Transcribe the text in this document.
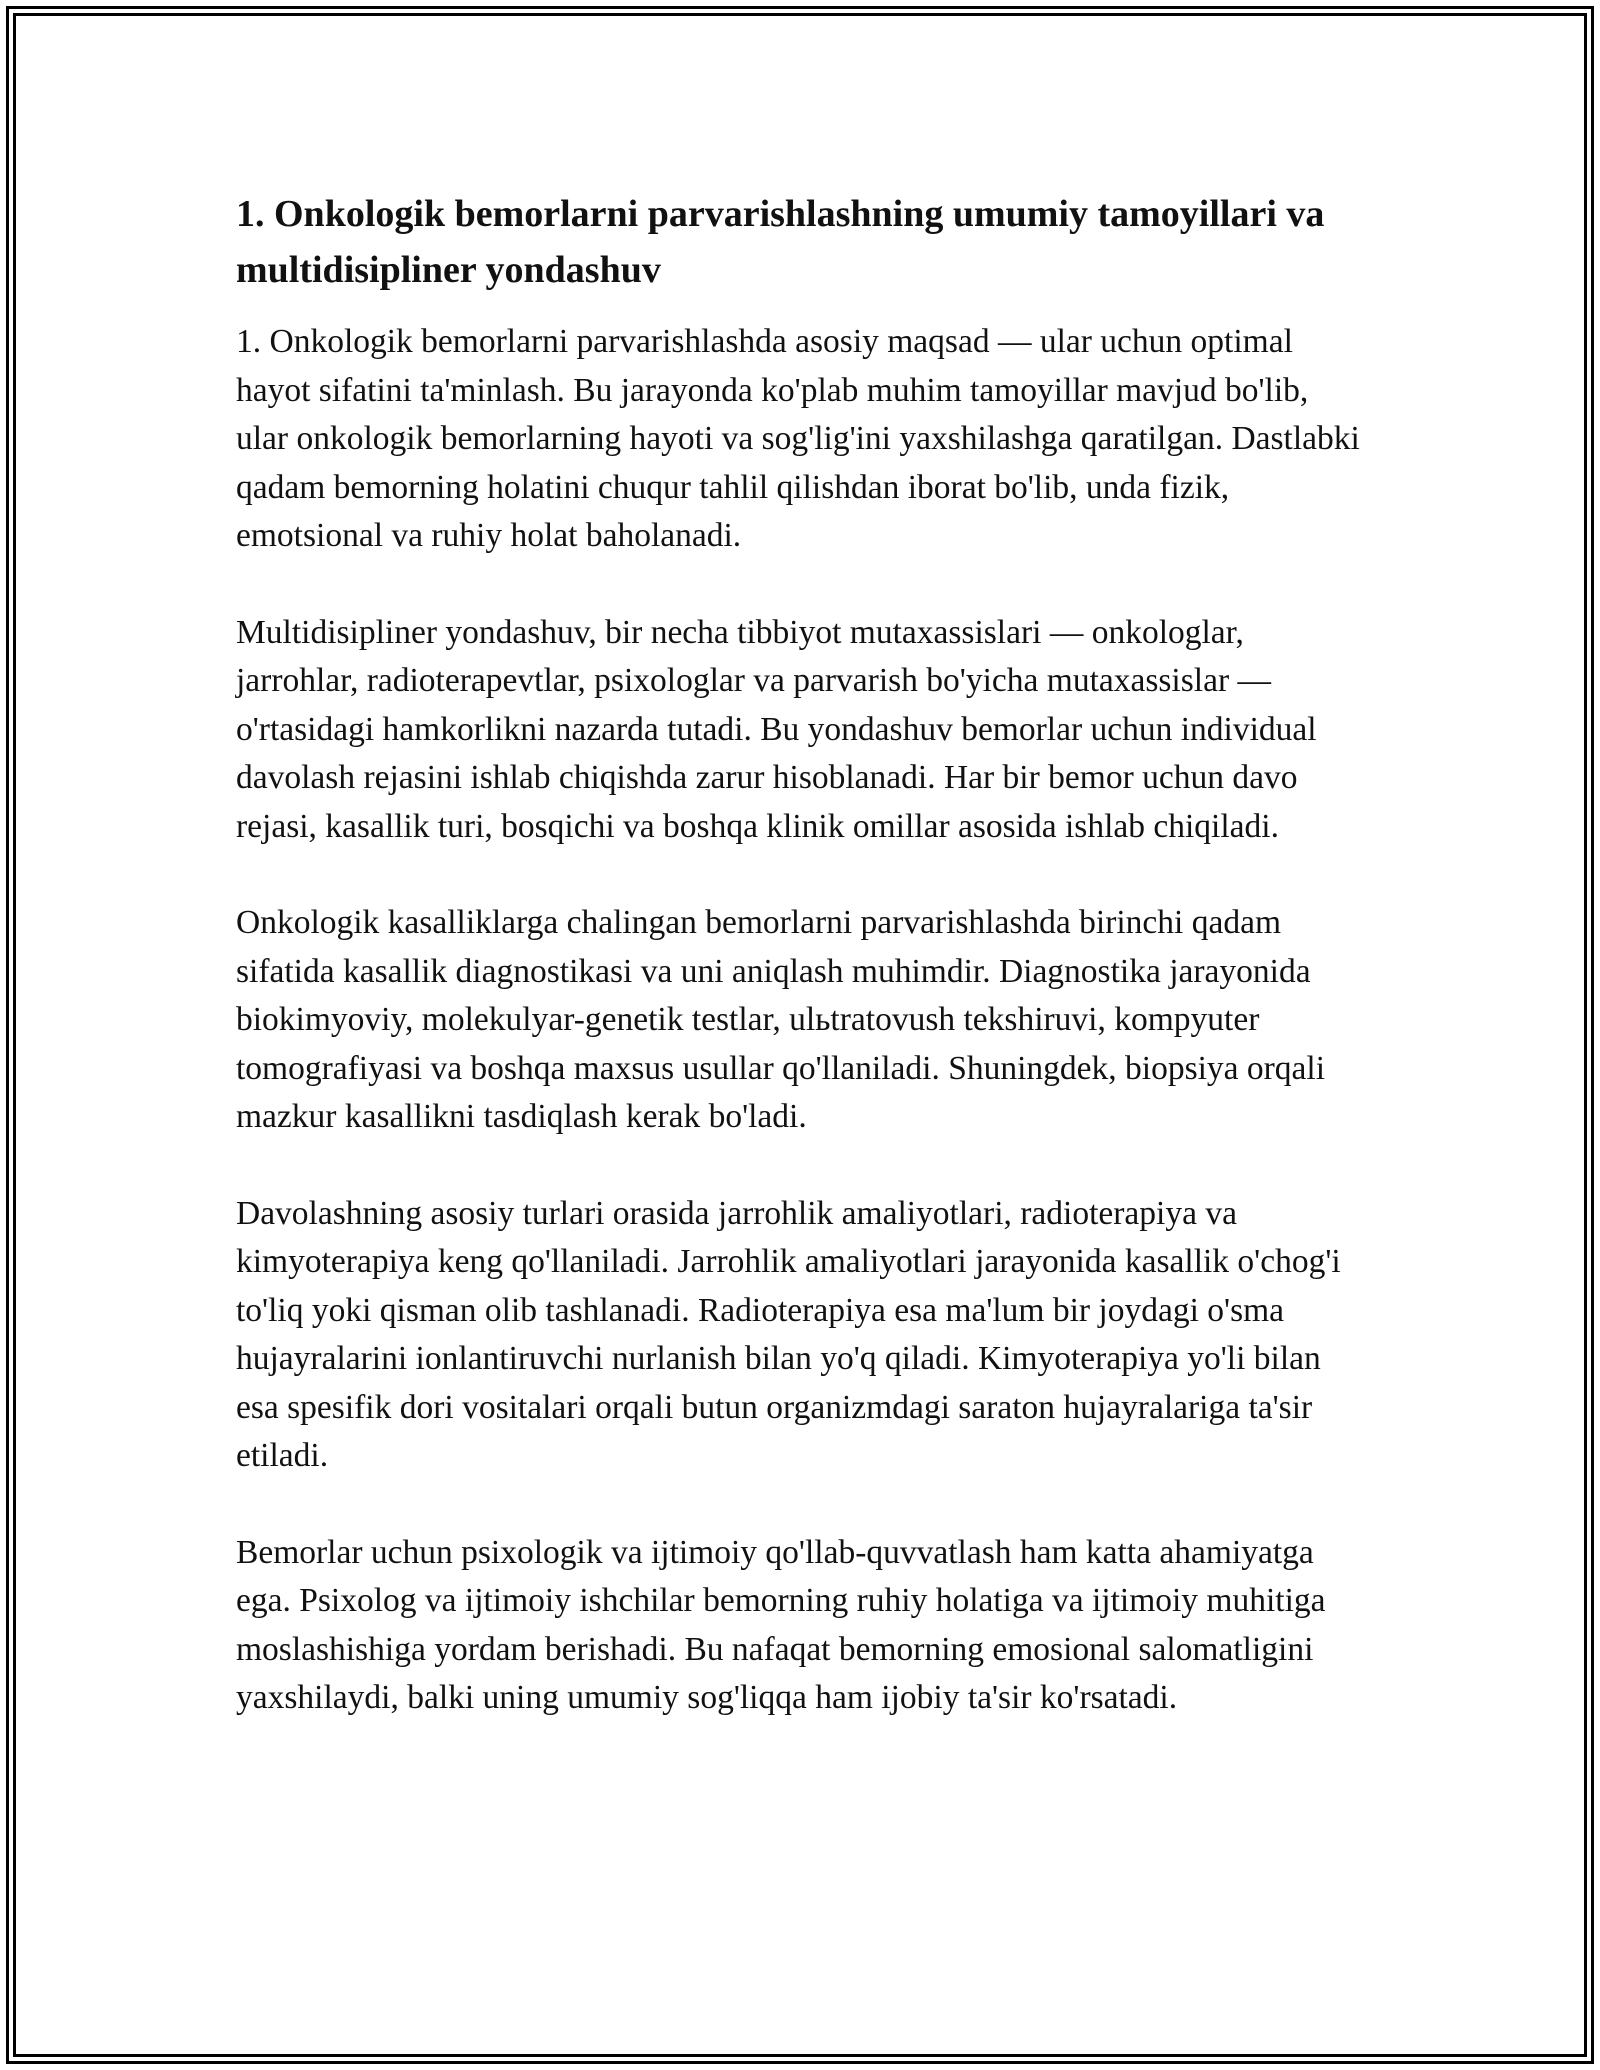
1. Onkologik bemorlarni parvarishlashning umumiy tamoyillari va multidisipliner yondashuv

1. Onkologik bemorlarni parvarishlashda asosiy maqsad — ular uchun optimal hayot sifatini ta'minlash. Bu jarayonda ko'plab muhim tamoyillar mavjud bo'lib, ular onkologik bemorlarning hayoti va sog'lig'ini yaxshilashga qaratilgan. Dastlabki qadam bemorning holatini chuqur tahlil qilishdan iborat bo'lib, unda fizik, emotsional va ruhiy holat baholanadi.

Multidisipliner yondashuv, bir necha tibbiyot mutaxassislari — onkologlar, jarrohlar, radioterapevtlar, psixologlar va parvarish bo'yicha mutaxassislar — o'rtasidagi hamkorlikni nazarda tutadi. Bu yondashuv bemorlar uchun individual davolash rejasini ishlab chiqishda zarur hisoblanadi. Har bir bemor uchun davo rejasi, kasallik turi, bosqichi va boshqa klinik omillar asosida ishlab chiqiladi.

Onkologik kasalliklarga chalingan bemorlarni parvarishlashda birinchi qadam sifatida kasallik diagnostikasi va uni aniqlash muhimdir. Diagnostika jarayonida biokimyoviy, molekulyar-genetik testlar, ulьtratovush tekshiruvi, kompyuter tomografiyasi va boshqa maxsus usullar qo'llaniladi. Shuningdek, biopsiya orqali mazkur kasallikni tasdiqlash kerak bo'ladi.

Davolashning asosiy turlari orasida jarrohlik amaliyotlari, radioterapiya va kimyoterapiya keng qo'llaniladi. Jarrohlik amaliyotlari jarayonida kasallik o'chog'i to'liq yoki qisman olib tashlanadi. Radioterapiya esa ma'lum bir joydagi o'sma hujayralarini ionlantiruvchi nurlanish bilan yo'q qiladi. Kimyoterapiya yo'li bilan esa spesifik dori vositalari orqali butun organizmdagi saraton hujayralariga ta'sir etiladi.

Bemorlar uchun psixologik va ijtimoiy qo'llab-quvvatlash ham katta ahamiyatga ega. Psixolog va ijtimoiy ishchilar bemorning ruhiy holatiga va ijtimoiy muhitiga moslashishiga yordam berishadi. Bu nafaqat bemorning emosional salomatligini yaxshilaydi, balki uning umumiy sog'liqqa ham ijobiy ta'sir ko'rsatadi.
